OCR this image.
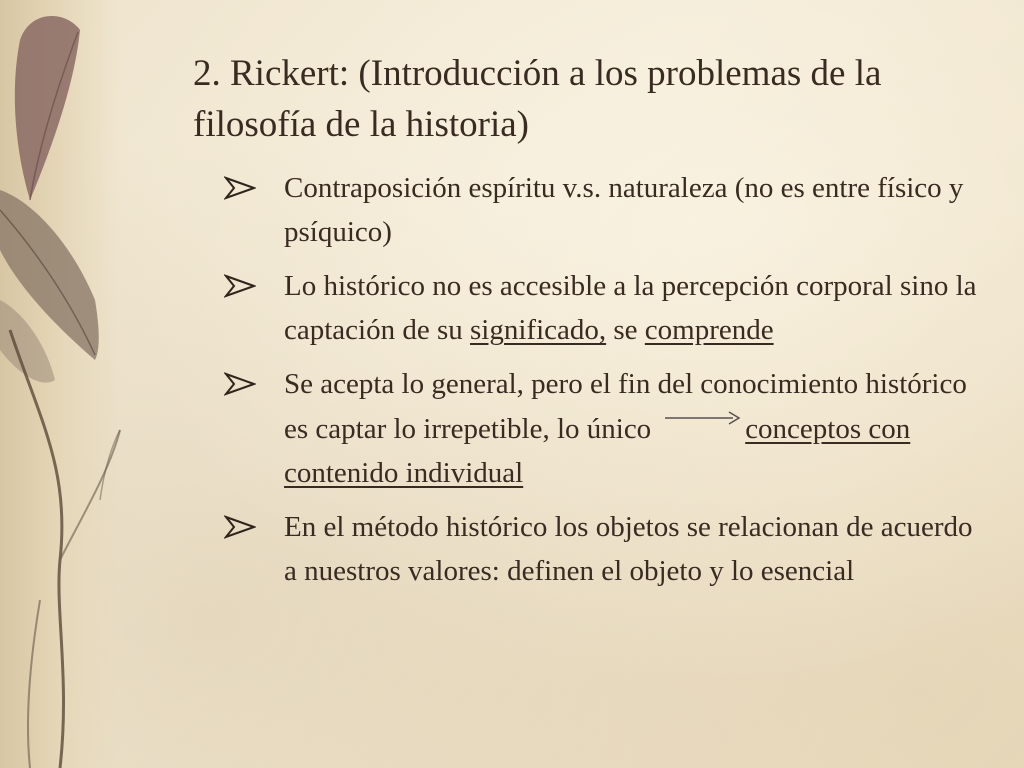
2. Rickert: (Introducción a los problemas de la filosofía de la historia)
Contraposición espíritu v.s. naturaleza (no es entre físico y psíquico)
Lo histórico no es accesible a la percepción corporal sino la captación de su significado, se comprende
Se acepta lo general, pero el fin del conocimiento histórico es captar lo irrepetible, lo único	conceptos con contenido individual
En el método histórico los objetos se relacionan de acuerdo a nuestros valores: definen el objeto y lo esencial
